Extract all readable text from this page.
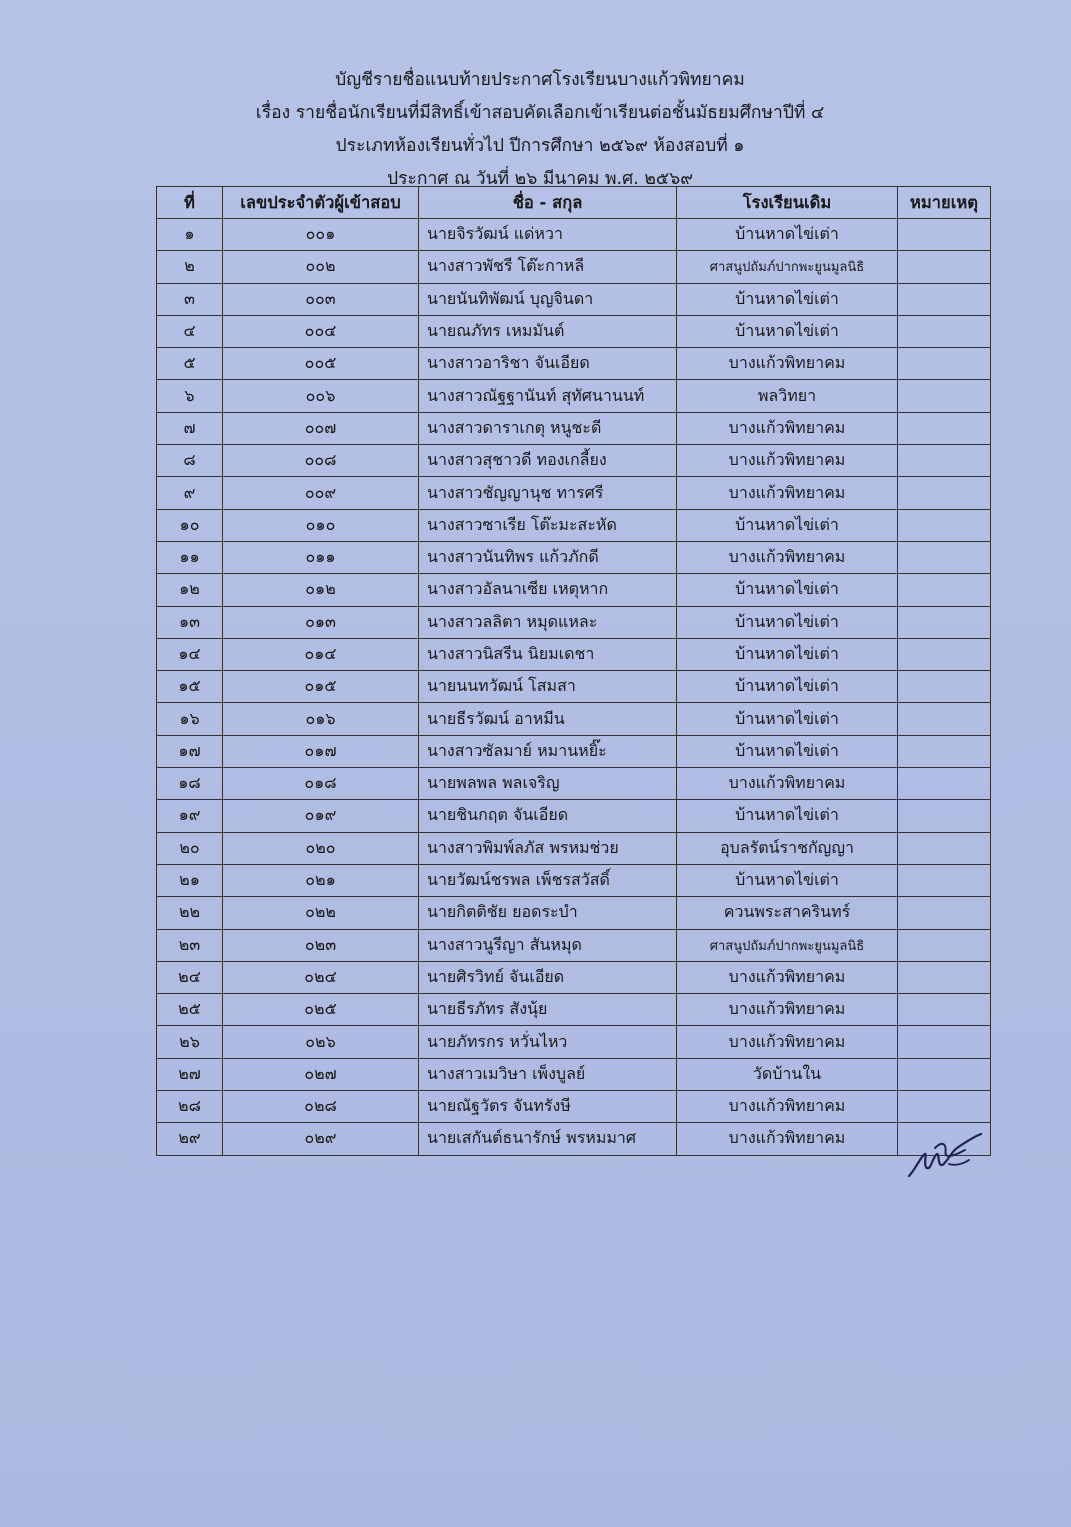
บัญชีรายชื่อแนบท้ายประกาศโรงเรียนบางแก้วพิทยาคม
เรื่อง รายชื่อนักเรียนที่มีสิทธิ์เข้าสอบคัดเลือกเข้าเรียนต่อชั้นมัธยมศึกษาปีที่ ๔
ประเภทห้องเรียนทั่วไป ปีการศึกษา ๒๕๖๙ ห้องสอบที่ ๑
ประกาศ ณ วันที่ ๒๖ มีนาคม พ.ศ. ๒๕๖๙
ที่	เลขประจำตัวผู้เข้าสอบ	ชื่อ - สกุล	โรงเรียนเดิม	หมายเหตุ
๑	๐๐๑	นายจิรวัฒน์ แด่หวา	บ้านหาดไข่เต่า	
๒	๐๐๒	นางสาวพัชรี โต๊ะกาหลี	ศาสนูปถัมภ์ปากพะยูนมูลนิธิ	
๓	๐๐๓	นายนันทิพัฒน์ บุญจินดา	บ้านหาดไข่เต่า	
๔	๐๐๔	นายณภัทร เหมมันต์	บ้านหาดไข่เต่า	
๕	๐๐๕	นางสาวอาริชา จันเอียด	บางแก้วพิทยาคม	
๖	๐๐๖	นางสาวณัฐฐานันท์ สุทัศนานนท์	พลวิทยา	
๗	๐๐๗	นางสาวดาราเกตุ หนูชะดี	บางแก้วพิทยาคม	
๘	๐๐๘	นางสาวสุชาวดี ทองเกลี้ยง	บางแก้วพิทยาคม	
๙	๐๐๙	นางสาวชัญญานุช ทารศรี	บางแก้วพิทยาคม	
๑๐	๐๑๐	นางสาวซาเรีย โต๊ะมะสะหัด	บ้านหาดไข่เต่า	
๑๑	๐๑๑	นางสาวนันทิพร แก้วภักดี	บางแก้วพิทยาคม	
๑๒	๐๑๒	นางสาวอัลนาเซีย เหตุหาก	บ้านหาดไข่เต่า	
๑๓	๐๑๓	นางสาวลลิตา หมุดแหละ	บ้านหาดไข่เต่า	
๑๔	๐๑๔	นางสาวนิสรีน นิยมเดชา	บ้านหาดไข่เต่า	
๑๕	๐๑๕	นายนนทวัฒน์ โสมสา	บ้านหาดไข่เต่า	
๑๖	๐๑๖	นายธีรวัฒน์ อาหมีน	บ้านหาดไข่เต่า	
๑๗	๐๑๗	นางสาวซัลมาย์ หมานหยิ๊ะ	บ้านหาดไข่เต่า	
๑๘	๐๑๘	นายพลพล พลเจริญ	บางแก้วพิทยาคม	
๑๙	๐๑๙	นายชินกฤต จันเอียด	บ้านหาดไข่เต่า	
๒๐	๐๒๐	นางสาวพิมพ์ลภัส พรหมช่วย	อุบลรัตน์ราชกัญญา	
๒๑	๐๒๑	นายวัฒน์ชรพล เพ็ชรสวัสดิ์	บ้านหาดไข่เต่า	
๒๒	๐๒๒	นายกิตติชัย ยอดระบำ	ควนพระสาครินทร์	
๒๓	๐๒๓	นางสาวนูรีญา สันหมุด	ศาสนูปถัมภ์ปากพะยูนมูลนิธิ	
๒๔	๐๒๔	นายศิรวิทย์ จันเอียด	บางแก้วพิทยาคม	
๒๕	๐๒๕	นายธีรภัทร สังนุ้ย	บางแก้วพิทยาคม	
๒๖	๐๒๖	นายภัทรกร หวั่นไหว	บางแก้วพิทยาคม	
๒๗	๐๒๗	นางสาวเมวิษา เพ็งบูลย์	วัดบ้านใน	
๒๘	๐๒๘	นายณัฐวัตร จันทรังษี	บางแก้วพิทยาคม	
๒๙	๐๒๙	นายเสกันต์ธนารักษ์ พรหมมาศ	บางแก้วพิทยาคม	
